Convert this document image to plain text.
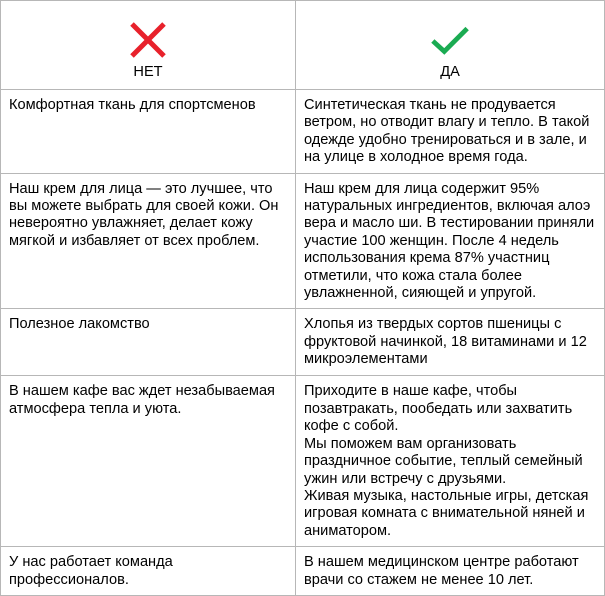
НЕТ	ДА

Комфортная ткань для спортсменов	Синтетическая ткань не продувается ветром, но отводит влагу и тепло. В такой одежде удобно тренироваться и в зале, и на улице в холодное время года.

Наш крем для лица — это лучшее, что вы можете выбрать для своей кожи. Он невероятно увлажняет, делает кожу мягкой и избавляет от всех проблем.	Наш крем для лица содержит 95% натуральных ингредиентов, включая алоэ вера и масло ши. В тестировании приняли участие 100 женщин. После 4 недель использования крема 87% участниц отметили, что кожа стала более увлажненной, сияющей и упругой.

Полезное лакомство	Хлопья из твердых сортов пшеницы с фруктовой начинкой, 18 витаминами и 12 микроэлементами

В нашем кафе вас ждет незабываемая атмосфера тепла и уюта.	Приходите в наше кафе, чтобы позавтракать, пообедать или захватить кофе с собой.
Мы поможем вам организовать праздничное событие, теплый семейный ужин или встречу с друзьями.
Живая музыка, настольные игры, детская игровая комната с внимательной няней и аниматором.

У нас работает команда профессионалов.	В нашем медицинском центре работают врачи со стажем не менее 10 лет.
